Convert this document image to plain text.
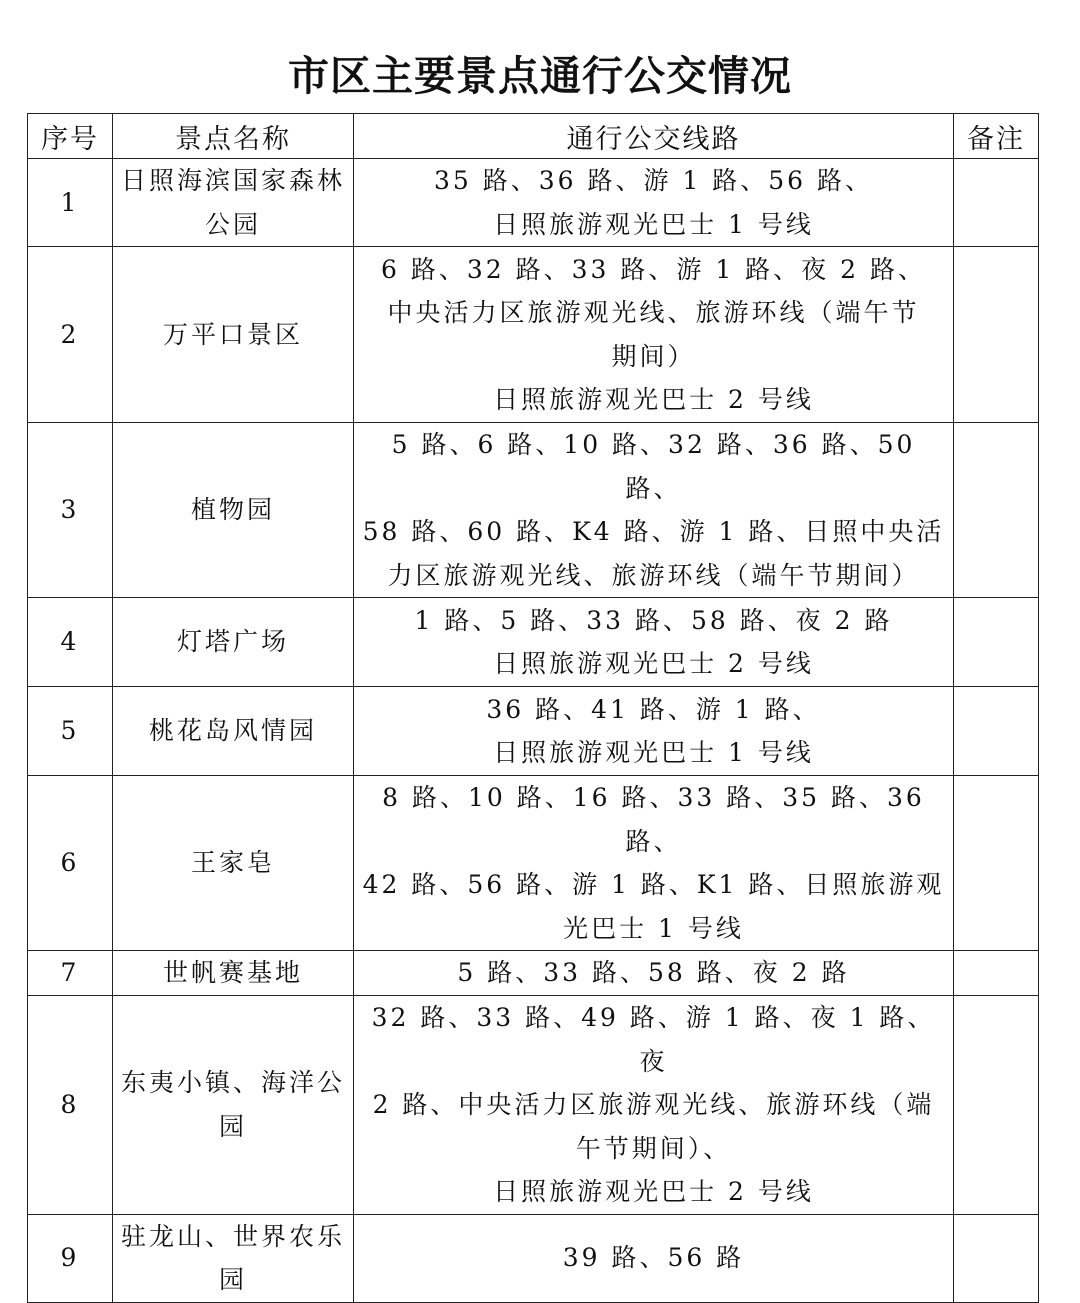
市区主要景点通行公交情况
序号	景点名称	通行公交线路	备注
1	日照海滨国家森林公园	35 路、36 路、游 1 路、56 路、
日照旅游观光巴士 1 号线	

2	万平口景区	6 路、32 路、33 路、游 1 路、夜 2 路、
中央活力区旅游观光线、旅游环线（端午节
期间）
日照旅游观光巴士 2 号线	

3	植物园	5 路、6 路、10 路、32 路、36 路、50 路、
58 路、60 路、K4 路、游 1 路、日照中央活
力区旅游观光线、旅游环线（端午节期间）	

4	灯塔广场	1 路、5 路、33 路、58 路、夜 2 路
日照旅游观光巴士 2 号线	

5	桃花岛风情园	36 路、41 路、游 1 路、
日照旅游观光巴士 1 号线	

6	王家皂	8 路、10 路、16 路、33 路、35 路、36 路、
42 路、56 路、游 1 路、K1 路、日照旅游观
光巴士 1 号线	

7	世帆赛基地	5 路、33 路、58 路、夜 2 路	

8	东夷小镇、海洋公园	32 路、33 路、49 路、游 1 路、夜 1 路、夜
2 路、中央活力区旅游观光线、旅游环线（端
午节期间）、
日照旅游观光巴士 2 号线	

9	驻龙山、世界农乐园	39 路、56 路	
